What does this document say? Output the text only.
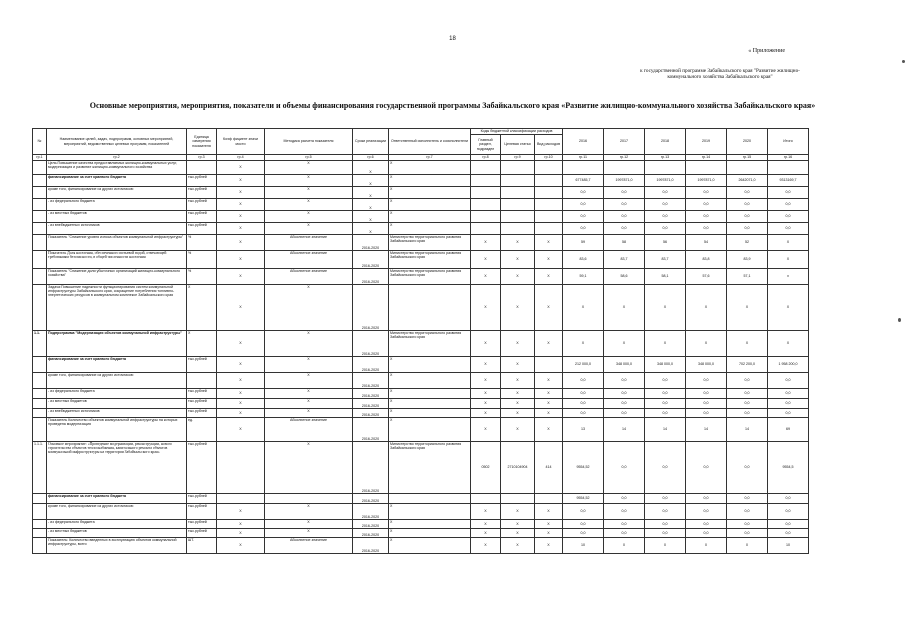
18
« Приложение
к государственной программе Забайкальского края "Развитие жилищно-коммунального хозяйства Забайкальского края"
Основные мероприятия, мероприятия, показатели и объемы финансирования государственной программы Забайкальского края «Развитие жилищно-коммунального хозяйства Забайкальского края»
№	Наименование целей, задач, подпрограмм, основных мероприятий, мероприятий, ведомственных целевых программ, показателей	Единица измерения показателя	Коэф фициент значи мости	Методика расчета показателя	Сроки реализации	Ответственный исполнитель и соисполнители	Коды бюджетной классификации расходов			2016	2017	2018	2019	2020	Итого
							Главный раздел, подраздел	Целевая статья	Вид расходов						
гр.1	гр.2	гр.3	гр.4	гр.5	гр.6	гр.7	гр.8	гр.9	гр.10	гр.11	гр.12	гр.13	гр.14	гр.15	гр.16
	Цель:Повышение качества предоставляемых жилищно-коммунальных услуг, модернизация и развитие жилищно-коммунального хозяйства		X	X	X	X									
	финансирование за счет краевого бюджета	тыс.рублей	X	X	X	X				677485,7	1997871,0	1997871,0	1997871,0	2642071,0	9313169,7
	кроме того, финансирование из других источников:	тыс.рублей	X	X	X	X				0,0	0,0	0,0	0,0	0,0	0,0
	- из федерального бюджета	тыс.рублей	X	X	X	X				0,0	0,0	0,0	0,0	0,0	0,0
	- из местных бюджетов	тыс.рублей	X	X	X	X				0,0	0,0	0,0	0,0	0,0	0,0
	- из внебюджетных источников	тыс.рублей	X	X	X	X				0,0	0,0	0,0	0,0	0,0	0,0
	Показатель "Снижение уровня износа объектов коммунальной инфраструктуры"	%	X	Абсолютное значение	2016-2020	Министерство территориального развития Забайкальского края	X	X	X	59	58	56	54	52	X
	Показатель Доля населения, обеспеченного питьевой водой, отвечающей требованиям безопасности, в общей численности населения	%	X	Абсолютное значение	2016-2020	Министерство территориального развития Забайкальского края	X	X	X	83,6	83,7	83,7	83,8	83,9	X
	Показатель "Снижение доли убыточных организаций жилищно-коммунального хозяйства"	%	X	Абсолютное значение	2016-2020	Министерство территориального развития Забайкальского края	X	X	X	59,1	58,6	58,1	57,6	57,1	x
	Задача:Повышение надежности функционирования систем коммунальной инфраструктуры Забайкальского края, сокращение потребления топливно-энергетических ресурсов в коммунальном комплексе Забайкальского края	X	X	X	2016-2020		X	X	X	X	X	X	X	X	X
1.1.	Подпрограмма "Модернизация объектов коммунальной инфраструктуры"	X	X	X	2016-2020	Министерство территориального развития Забайкальского края	X	X	X	X	X	X	X	X	X
	финансирование за счет краевого бюджета	тыс.рублей	X	X	2016-2020	X	X	X		212 000,0	348 000,0	348 000,0	348 000,0	702 200,0	1 958 200,0
	кроме того, финансирование из других источников:		X	X	2016-2020	X	X	X	X	0,0	0,0	0,0	0,0	0,0	0,0
	- из федерального бюджета	тыс.рублей	X	X	2016-2020	X	X	X	X	0,0	0,0	0,0	0,0	0,0	0,0
	- из местных бюджетов	тыс.рублей	X	X	2016-2020	X	X	X	X	0,0	0,0	0,0	0,0	0,0	0,0
	- из внебюджетных источников	тыс.рублей	X	X	2016-2020	X	X	X	X	0,0	0,0	0,0	0,0	0,0	0,0
	Показатель Количество объектов коммунальной инфраструктуры на которых проведена модернизация	ед.	X	Абсолютное значение	2016-2020	X	X	X	X	13	14	14	14	14	69
1.1.1.	Основное мероприятие: «Проведение модернизации, реконструкции, нового строительства объектов теплоснабжения, капитального ремонта объектов коммунальной инфраструктуры на территории Забайкальского края»	тыс.рублей		X	2016-2020	Министерство территориального развития Забайкальского края	0502	2710104904	414	9554,52	0,0	0,0	0,0	0,0	9554,5
	финансирование за счет краевого бюджета	тыс.рублей			2016-2020					9554,52	0,0	0,0	0,0	0,0	0,0
	кроме того, финансирование из других источников:	тыс.рублей	X	X	2016-2020	X	X	X	X	0,0	0,0	0,0	0,0	0,0	0,0
	- из федерального бюджета	тыс.рублей	X	X	2016-2020	X	X	X	X	0,0	0,0	0,0	0,0	0,0	0,0
	- из местных бюджетов	тыс.рублей	X	X	2016-2020	X	X	X	X	0,0	0,0	0,0	0,0	0,0	0,0
	Показатель: Количество введенных в эксплуатацию объектов коммунальной инфраструктуры, всего	ШТ.	X	Абсолютное значение	2016-2020	X	X	X	X	10	0	0	0	0	10
